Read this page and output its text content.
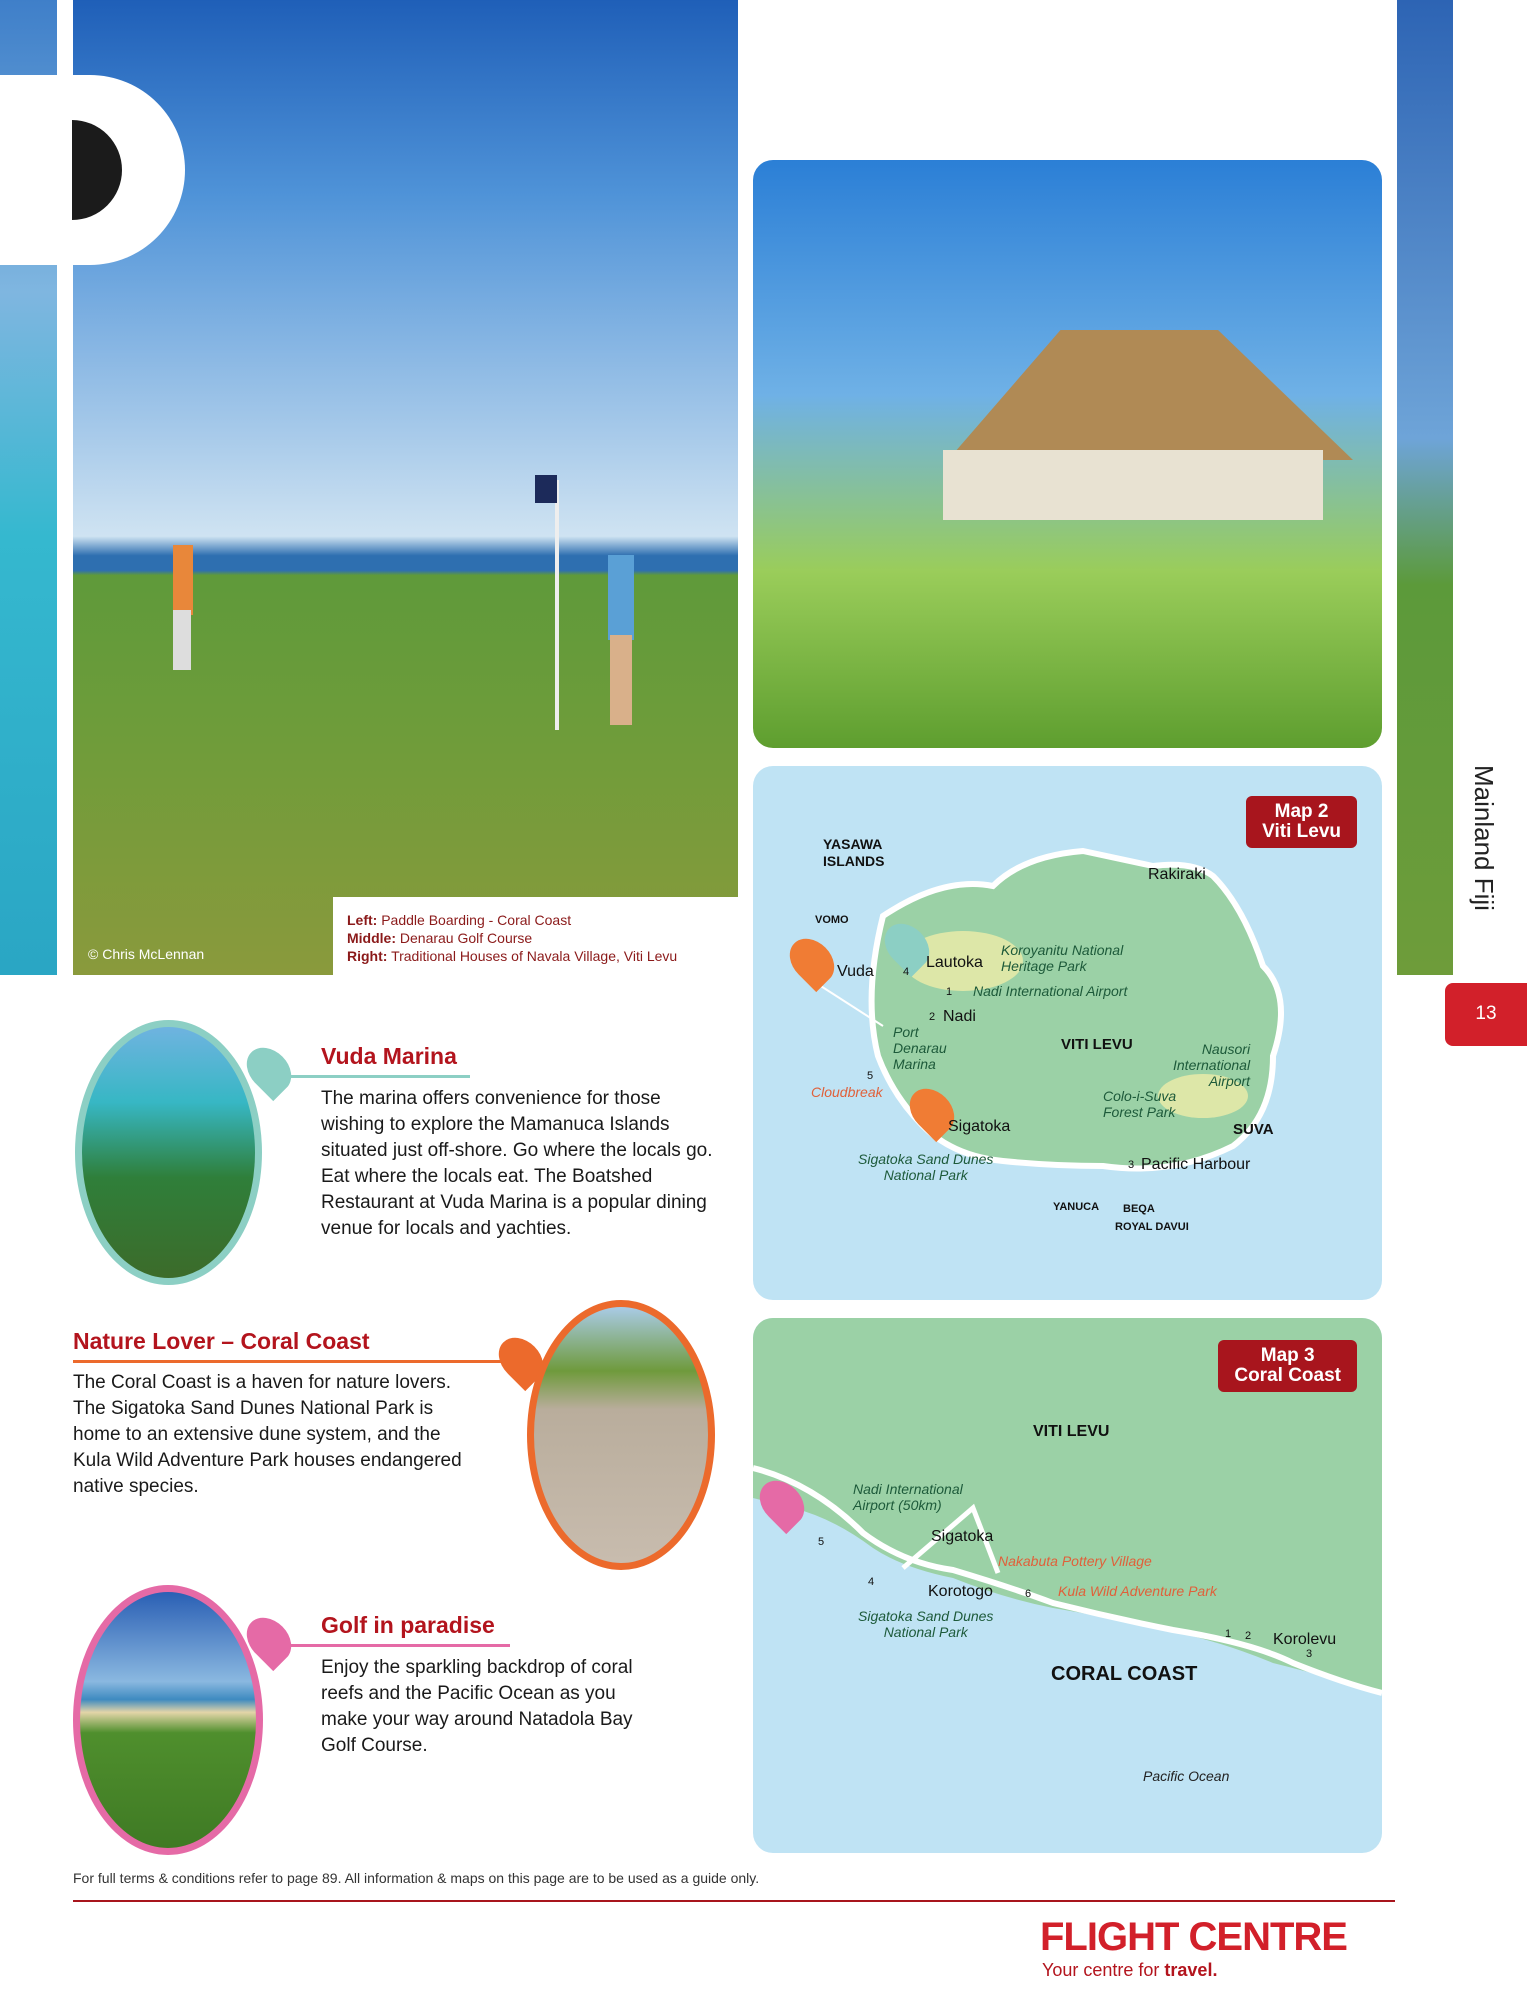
© Chris McLennan
Left: Paddle Boarding - Coral Coast
Middle: Denarau Golf Course
Right: Traditional Houses of Navala Village, Viti Levu
Map 2
Viti Levu
YASAWA
ISLANDS
VOMO
Vuda
Lautoka
Koroyanitu National
Heritage Park
Nadi International Airport
Nadi
Port
Denarau
Marina
Cloudbreak
VITI LEVU	Nausori
International
Airport
Colo-i-Suva
Forest Park
SUVA
Sigatoka
Sigatoka Sand Dunes
National Park
Pacific Harbour
Rakiraki
YANUCA BEQA
ROYAL DAVUI
4
1
2
5
3
Map 3
Coral Coast
VITI LEVU
Nadi International
Airport (50km)
Sigatoka
Nakabuta Pottery Village
Kula Wild Adventure Park
Korotogo
Sigatoka Sand Dunes
National Park
CORAL COAST
Korolevu
Pacific Ocean
5
4
6
1 2
3
Mainland Fiji
13
Vuda Marina
The marina offers convenience for those wishing to explore the Mamanuca Islands situated just off-shore. Go where the locals go. Eat where the locals eat. The Boatshed Restaurant at Vuda Marina is a popular dining venue for locals and yachties.
Nature Lover – Coral Coast
The Coral Coast is a haven for nature lovers. The Sigatoka Sand Dunes National Park is home to an extensive dune system, and the Kula Wild Adventure Park houses endangered native species.
Golf in paradise
Enjoy the sparkling backdrop of coral reefs and the Pacific Ocean as you make your way around Natadola Bay Golf Course.
For full terms & conditions refer to page 89. All information & maps on this page are to be used as a guide only.
FLIGHT CENTRE
Your centre for travel.
